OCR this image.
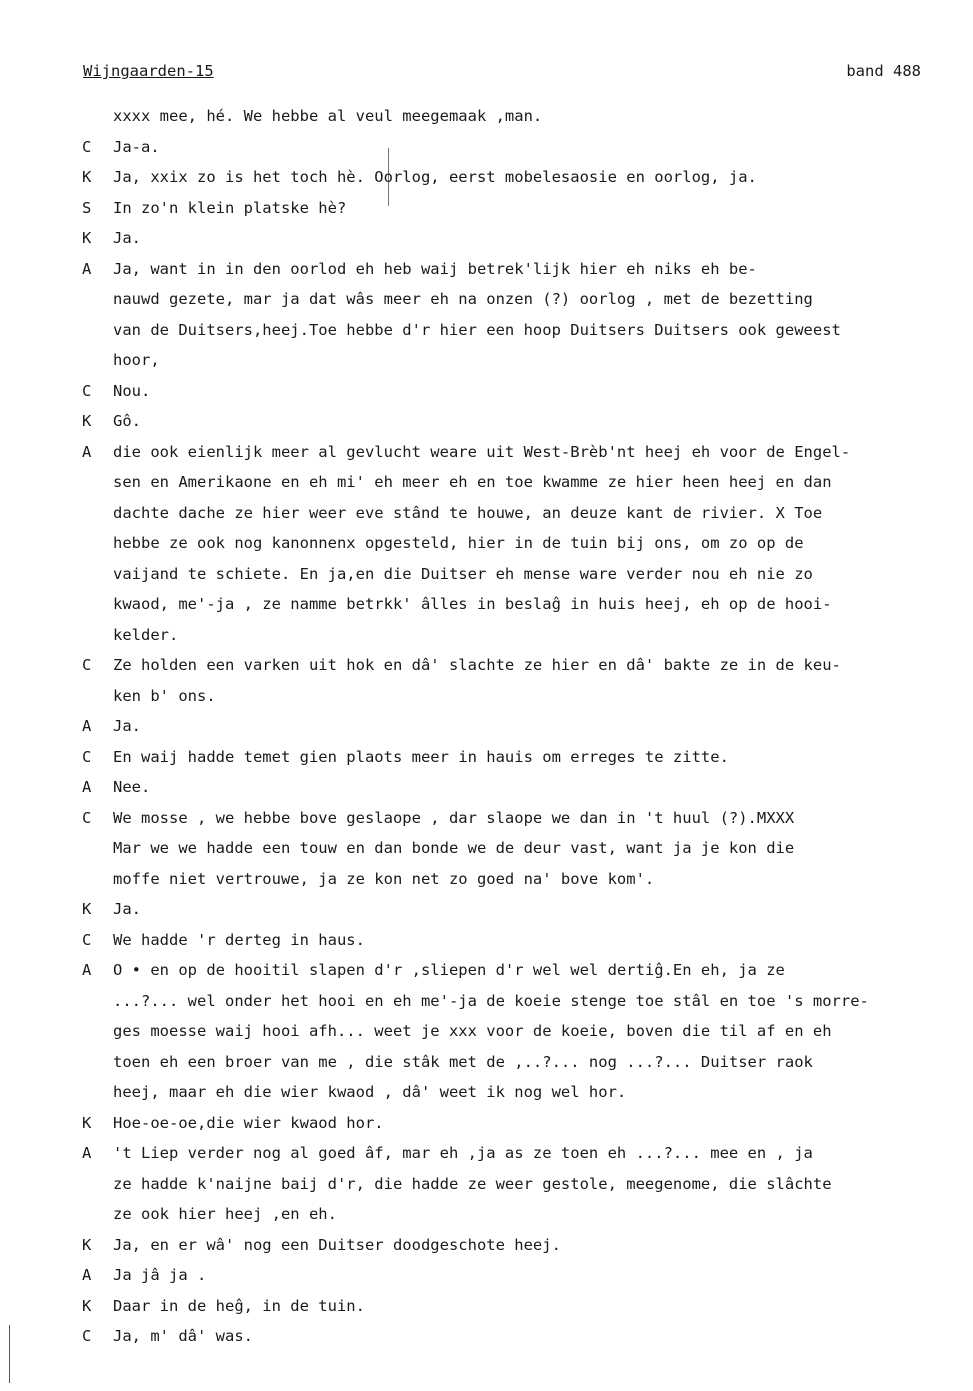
Wijngaarden-15	band 488
xxxx mee, hé. We hebbe al veul meegemaak ,man.
C	Ja-a.
K	Ja, xxix zo is het toch hè. Oorlog, eerst mobelesaosie en oorlog, ja.
S	In zo'n klein platske hè?
K	Ja.
A	Ja, want in in den oorlod eh heb waij betrek'lijk hier eh niks eh be-
nauwd gezete, mar ja dat wâs meer eh na onzen (?) oorlog , met de bezetting
van de Duitsers,heej.Toe hebbe d'r hier een hoop Duitsers Duitsers ook geweest
hoor,
C	Nou.
K	Gô.
A	die ook eienlijk meer al gevlucht weare uit West-Brèb'nt heej eh voor de Engel-
sen en Amerikaone en eh mi' eh meer eh en toe kwamme ze hier heen heej en dan
dachte dache ze hier weer eve stând te houwe, an deuze kant de rivier. X Toe
hebbe ze ook nog kanonnenx opgesteld, hier in de tuin bij ons, om zo op de
vaijand te schiete. En ja,en die Duitser eh mense ware verder nou eh nie zo
kwaod, me'-ja , ze namme betrkk' âlles in beslaĝ in huis heej, eh op de hooi-
kelder.
C	Ze holden een varken uit hok en dâ' slachte ze hier en dâ' bakte ze in de keu-
ken b' ons.
A	Ja.
C	En waij hadde temet gien plaots meer in hauis om erreges te zitte.
A	Nee.
C	We mosse , we hebbe bove geslaope , dar slaope we dan in 't huul (?).MXXX
Mar we we hadde een touw en dan bonde we de deur vast, want ja je kon die
moffe niet vertrouwe, ja ze kon net zo goed na' bove kom'.
K	Ja.
C	We hadde 'r derteg in haus.
A	O • en op de hooitil slapen d'r ,sliepen d'r wel wel dertiĝ.En eh, ja ze
...?... wel onder het hooi en eh me'-ja de koeie stenge toe stâl en toe 's morre-
ges moesse waij hooi afh... weet je xxx voor de koeie, boven die til af en eh
toen eh een broer van me , die stâk met de ,..?... nog ...?... Duitser raok
heej, maar eh die wier kwaod , dâ' weet ik nog wel hor.
K	Hoe-oe-oe,die wier kwaod hor.
A	't Liep verder nog al goed âf, mar eh ,ja as ze toen eh ...?... mee en , ja
ze hadde k'naijne baij d'r, die hadde ze weer gestole, meegenome, die slâchte
ze ook hier heej ,en eh.
K	Ja, en er wâ' nog een Duitser doodgeschote heej.
A	Ja jâ ja .
K	Daar in de heĝ, in de tuin.
C	Ja, m' dâ' was.
